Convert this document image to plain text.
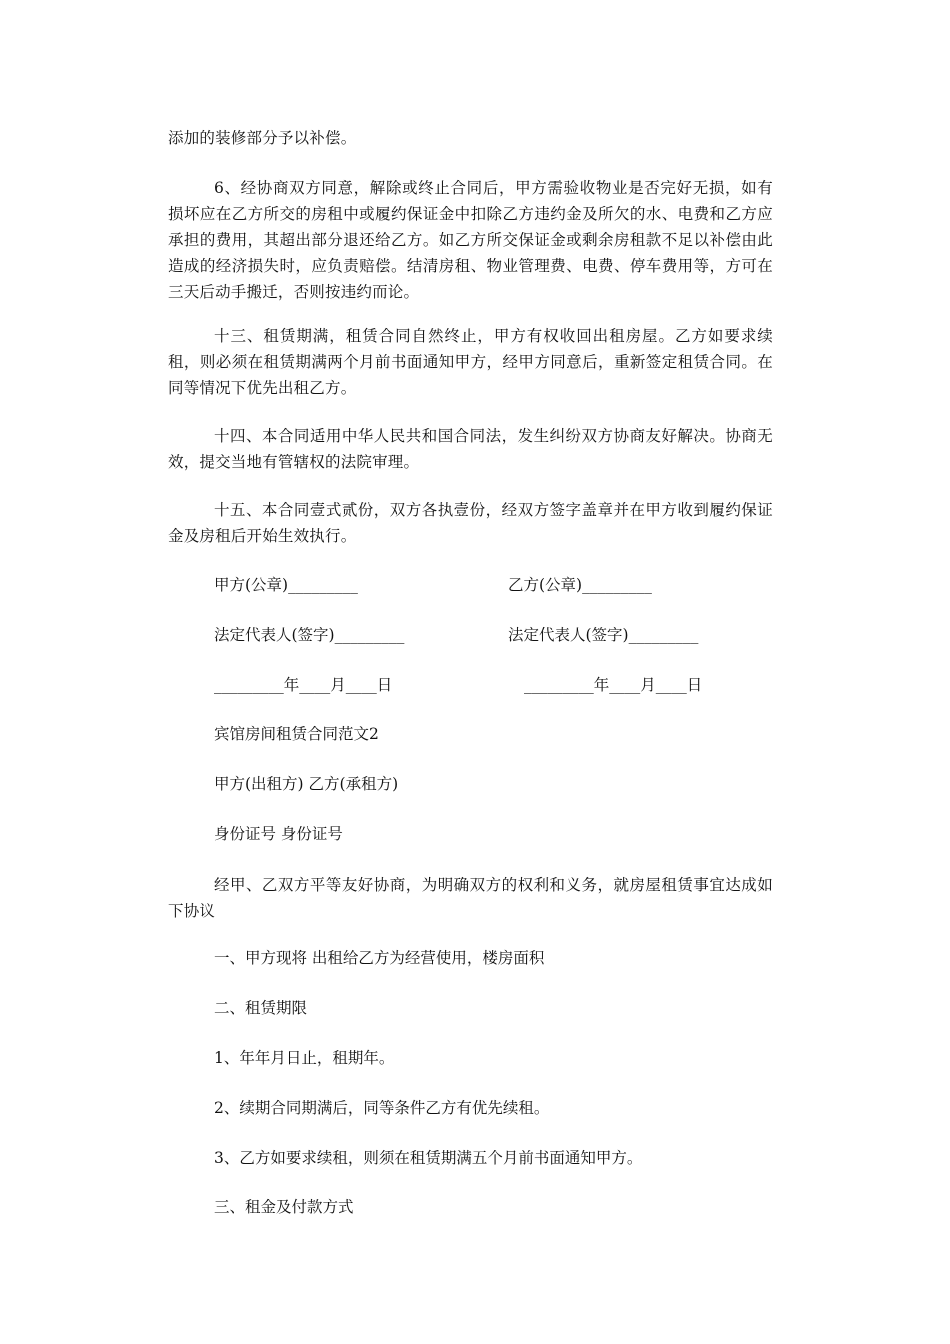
添加的装修部分予以补偿。

6、经协商双方同意，解除或终止合同后，甲方需验收物业是否完好无损，如有损坏应在乙方所交的房租中或履约保证金中扣除乙方违约金及所欠的水、电费和乙方应承担的费用，其超出部分退还给乙方。如乙方所交保证金或剩余房租款不足以补偿由此造成的经济损失时，应负责赔偿。结清房租、物业管理费、电费、停车费用等，方可在三天后动手搬迁，否则按违约而论。

十三、租赁期满，租赁合同自然终止，甲方有权收回出租房屋。乙方如要求续租，则必须在租赁期满两个月前书面通知甲方，经甲方同意后，重新签定租赁合同。在同等情况下优先出租乙方。

十四、本合同适用中华人民共和国合同法，发生纠纷双方协商友好解决。协商无效，提交当地有管辖权的法院审理。

十五、本合同壹式贰份，双方各执壹份，经双方签字盖章并在甲方收到履约保证金及房租后开始生效执行。

甲方(公章)_________	乙方(公章)_________

法定代表人(签字)_________	法定代表人(签字)_________

_________年____月____日	_________年____月____日

宾馆房间租赁合同范文2

甲方(出租方) 乙方(承租方)

身份证号 身份证号

经甲、乙双方平等友好协商，为明确双方的权利和义务，就房屋租赁事宜达成如下协议

一、甲方现将 出租给乙方为经营使用，楼房面积

二、租赁期限

1、年年月日止，租期年。

2、续期合同期满后，同等条件乙方有优先续租。

3、乙方如要求续租，则须在租赁期满五个月前书面通知甲方。

三、租金及付款方式
